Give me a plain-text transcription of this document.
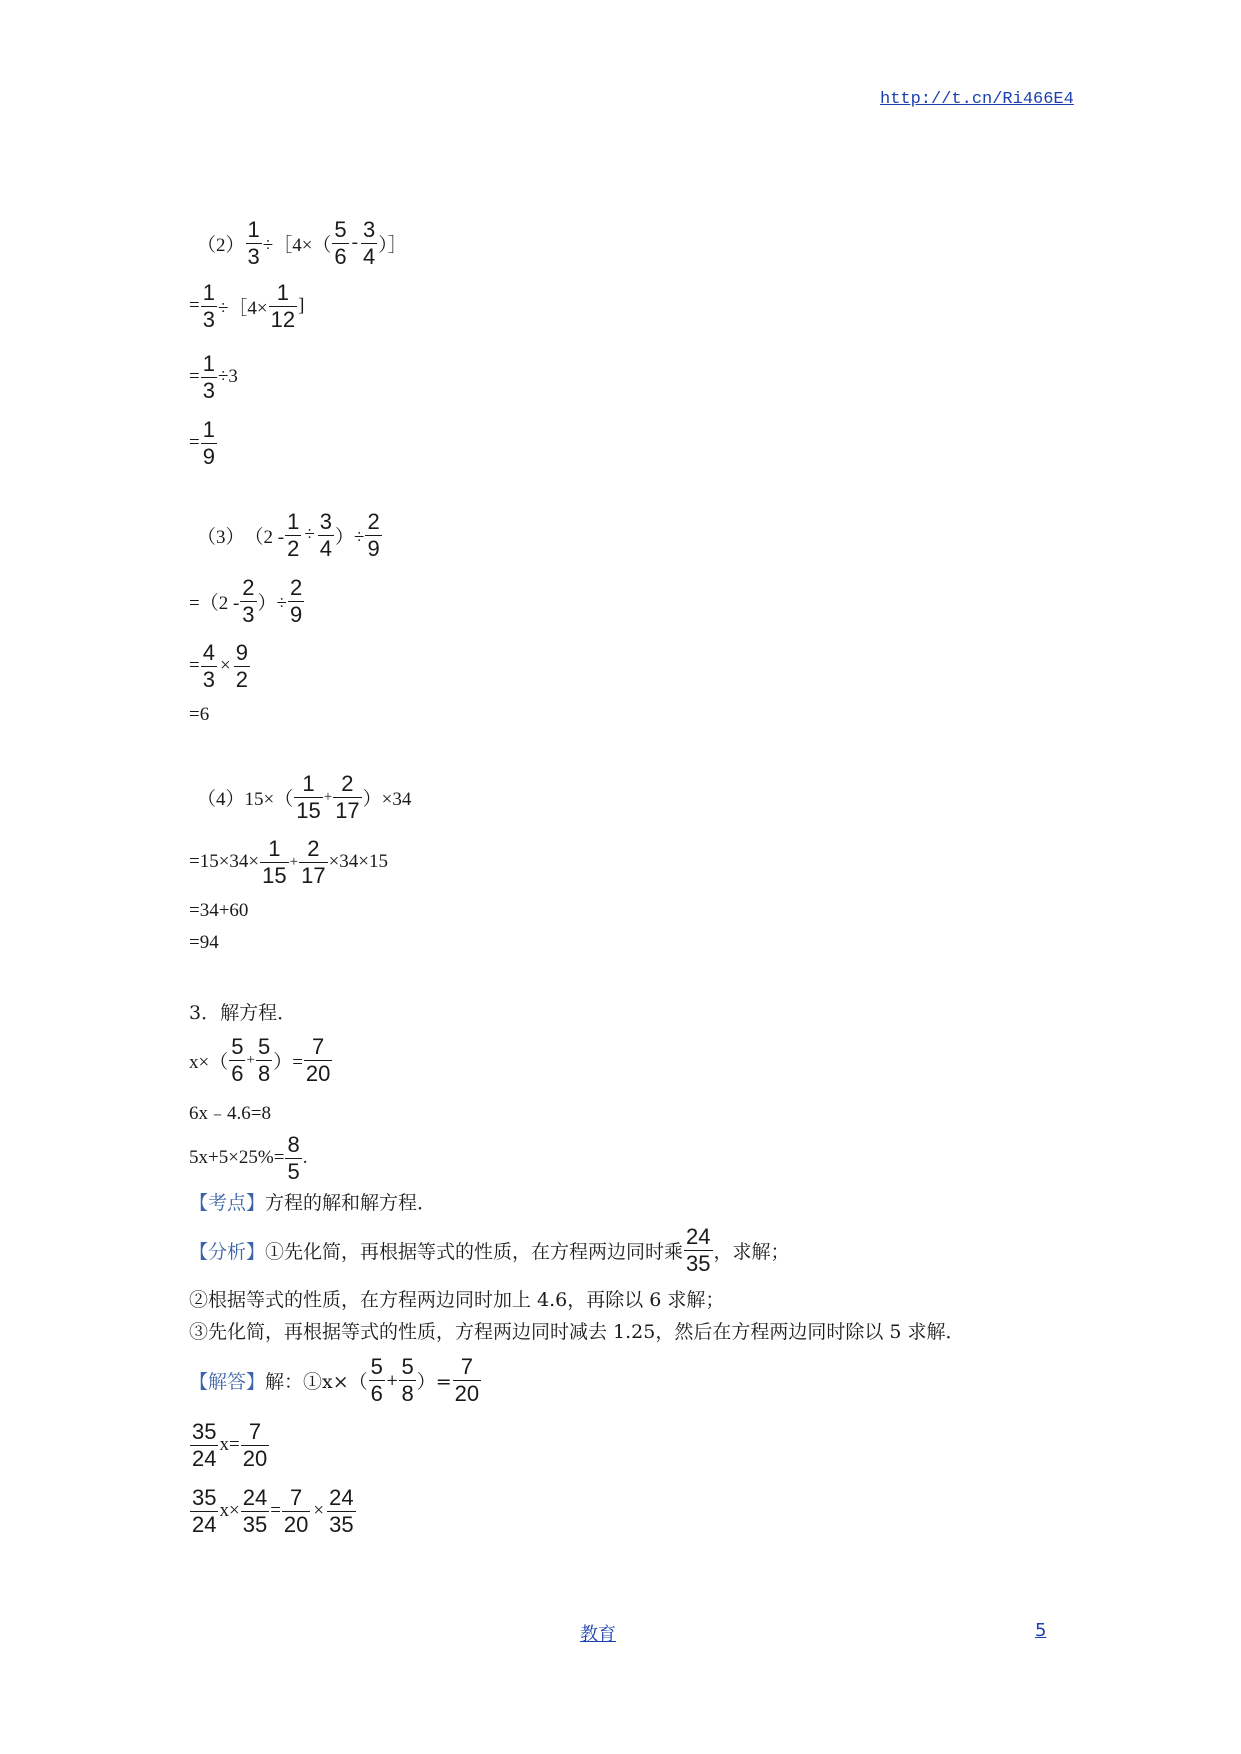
http://t.cn/Ri466E4
$(2) \frac{1}{3}$ ÷［4×（ $\frac{5}{6} - \frac{3}{4}$ ）］
= $\frac{1}{3}$ ÷［4× $\frac{1}{12}$ ]
= $\frac{1}{3} \div 3$
= $\frac{1}{9}$
（3） （$2 - \frac{1}{2} \div \frac{3}{4}$ ）÷ $\frac{2}{9}$
$=(2 - \frac{2}{3}$ ）÷ $\frac{2}{9}$
= $\frac{4}{3} \times \frac{9}{2}$
=6
（4） $15\times( \frac{1}{15} + \frac{2}{17} )\times 34$
$=15\times 34\times \frac{1}{15} + \frac{2}{17} \times 34\times 15$
=34+60
=94
3．解方程．
$x\times( \frac{5}{6} + \frac{5}{8}$ ）= $\frac{7}{20}$
6x﹣4.6=8
$5x+5\times 25\%= \frac{8}{5}$ .
【考点】方程的解和解方程．
【分析】 ①先化简，再根据等式的性质，在方程两边同时乘 $\frac{24}{35}$ ，求解；
②根据等式的性质，在方程两边同时加上 4.6，再除以 6 求解；
③先化简，再根据等式的性质，方程两边同时减去 1.25，然后在方程两边同时除以 5 求解．
【解答】 解：①x×（ $\frac{5}{6} + \frac{5}{8}$ ）= $\frac{7}{20}$
$\frac{35}{24} x= \frac{7}{20}$
$\frac{35}{24} x\times \frac{24}{35} = \frac{7}{20} \times \frac{24}{35}$
教育	5
